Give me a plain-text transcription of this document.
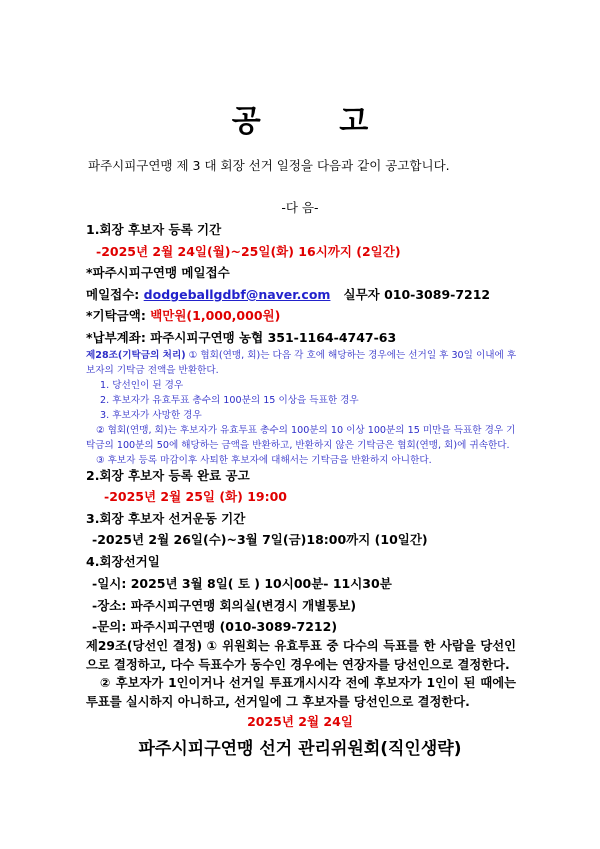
공 고
파주시피구연맹 제 3 대 회장 선거 일정을 다음과 같이 공고합니다.
-다 음-
1.회장 후보자 등록 기간
-2025년 2월 24일(월)~25일(화) 16시까지 (2일간)
*파주시피구연맹 메일접수
메일접수: dodgeballgdbf@naver.com 실무자 010-3089-7212
*기탁금액: 백만원(1,000,000원)
*납부계좌: 파주시피구연맹 농협 351-1164-4747-63
제28조(기탁금의 처리) ① 협회(연맹, 회)는 다음 각 호에 해당하는 경우에는 선거일 후 30일 이내에 후보자의 기탁금 전액을 반환한다.
1. 당선인이 된 경우
2. 후보자가 유효투표 총수의 100분의 15 이상을 득표한 경우
3. 후보자가 사망한 경우
② 협회(연맹, 회)는 후보자가 유효투표 총수의 100분의 10 이상 100분의 15 미만을 득표한 경우 기 탁금의 100분의 50에 해당하는 금액을 반환하고, 반환하지 않은 기탁금은 협회(연맹, 회)에 귀속한다.
③ 후보자 등록 마감이후 사퇴한 후보자에 대해서는 기탁금을 반환하지 아니한다.
2.회장 후보자 등록 완료 공고
-2025년 2월 25일 (화) 19:00
3.회장 후보자 선거운동 기간
-2025년 2월 26일(수)~3월 7일(금)18:00까지 (10일간)
4.회장선거일
-일시: 2025년 3월 8일( 토 ) 10시00분- 11시30분
-장소: 파주시피구연맹 회의실(변경시 개별통보)
-문의: 파주시피구연맹 (010-3089-7212)
제29조(당선인 결정) ① 위원회는 유효투표 중 다수의 득표를 한 사람을 당선인으로 결정하고, 다수 득표수가 동수인 경우에는 연장자를 당선인으로 결정한다.
② 후보자가 1인이거나 선거일 투표개시시각 전에 후보자가 1인이 된 때에는 투표를 실시하지 아니하고, 선거일에 그 후보자를 당선인으로 결정한다.
2025년 2월 24일
파주시피구연맹 선거 관리위원회(직인생략)
